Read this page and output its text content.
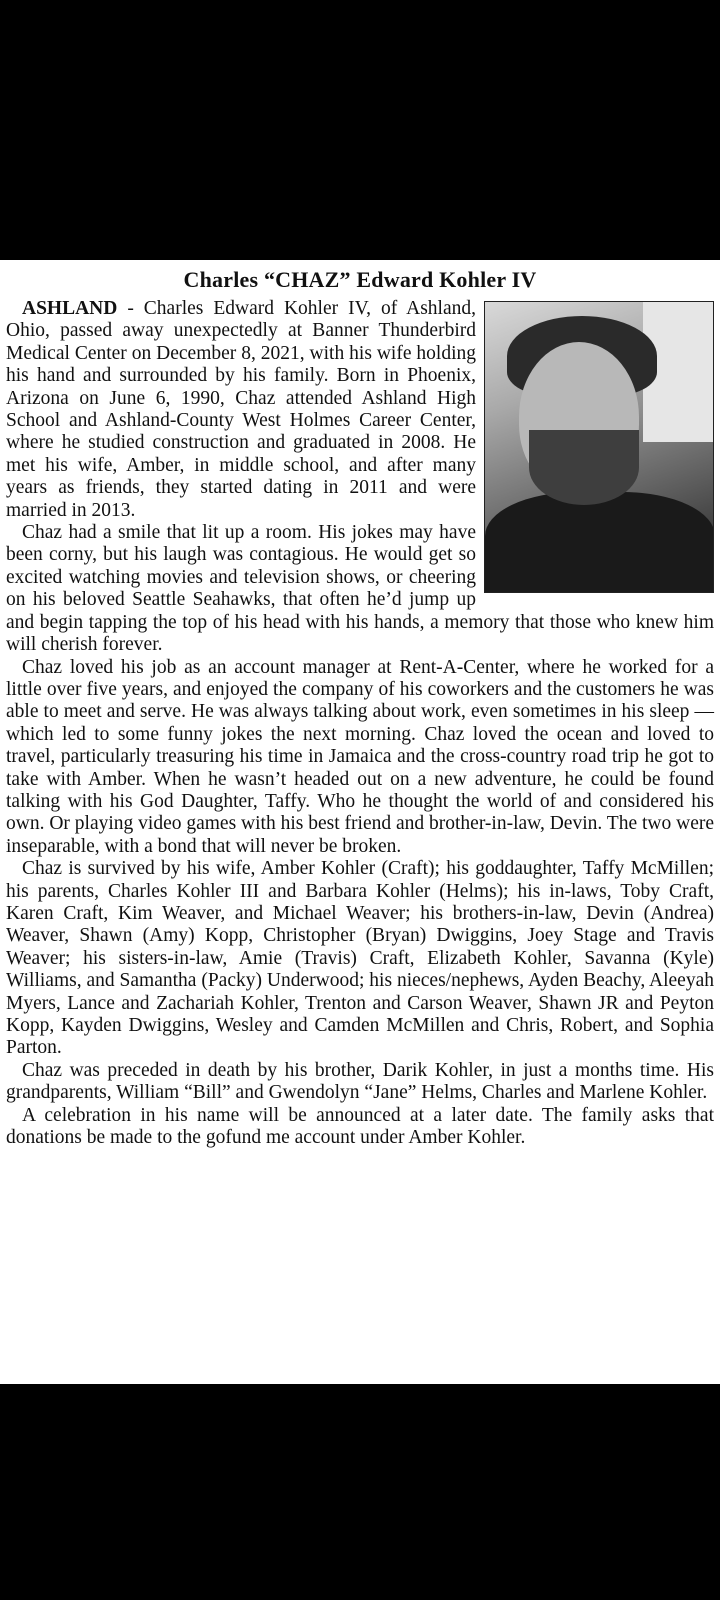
Charles “CHAZ” Edward Kohler IV

ASHLAND - Charles Edward Kohler IV, of Ashland, Ohio, passed away unexpectedly at Banner Thunderbird Medical Center on December 8, 2021, with his wife holding his hand and surrounded by his family. Born in Phoenix, Arizona on June 6, 1990, Chaz attended Ashland High School and Ashland-County West Holmes Career Center, where he studied construction and graduated in 2008. He met his wife, Amber, in middle school, and after many years as friends, they started dating in 2011 and were married in 2013.

Chaz had a smile that lit up a room. His jokes may have been corny, but his laugh was contagious. He would get so excited watching movies and television shows, or cheering on his beloved Seattle Seahawks, that often he’d jump up and begin tapping the top of his head with his hands, a memory that those who knew him will cherish forever.

Chaz loved his job as an account manager at Rent-A-Center, where he worked for a little over five years, and enjoyed the company of his coworkers and the customers he was able to meet and serve. He was always talking about work, even sometimes in his sleep — which led to some funny jokes the next morning. Chaz loved the ocean and loved to travel, particularly treasuring his time in Jamaica and the cross-country road trip he got to take with Amber. When he wasn’t headed out on a new adventure, he could be found talking with his God Daughter, Taffy. Who he thought the world of and considered his own. Or playing video games with his best friend and brother-in-law, Devin. The two were inseparable, with a bond that will never be broken.

Chaz is survived by his wife, Amber Kohler (Craft); his goddaughter, Taffy McMillen; his parents, Charles Kohler III and Barbara Kohler (Helms); his in-laws, Toby Craft, Karen Craft, Kim Weaver, and Michael Weaver; his brothers-in-law, Devin (Andrea) Weaver, Shawn (Amy) Kopp, Christopher (Bryan) Dwiggins, Joey Stage and Travis Weaver; his sisters-in-law, Amie (Travis) Craft, Elizabeth Kohler, Savanna (Kyle) Williams, and Samantha (Packy) Underwood; his nieces/nephews, Ayden Beachy, Aleeyah Myers, Lance and Zachariah Kohler, Trenton and Carson Weaver, Shawn JR and Peyton Kopp, Kayden Dwiggins, Wesley and Camden McMillen and Chris, Robert, and Sophia Parton.

Chaz was preceded in death by his brother, Darik Kohler, in just a months time. His grandparents, William “Bill” and Gwendolyn “Jane” Helms, Charles and Marlene Kohler.

A celebration in his name will be announced at a later date. The family asks that donations be made to the gofund me account under Amber Kohler.
